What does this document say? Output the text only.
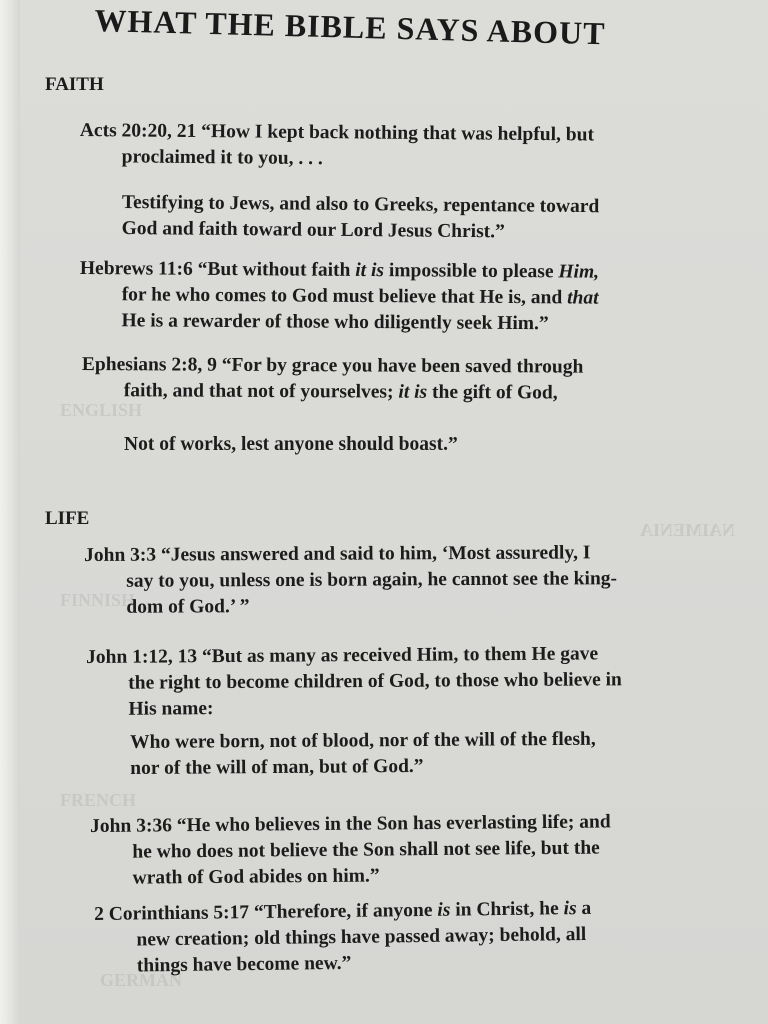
NAIMENIA
ENGLISH
FINNISH
FRENCH
GERMAN
WHAT THE BIBLE SAYS ABOUT
FAITH
Acts 20:20, 21 “How I kept back nothing that was helpful, but
proclaimed it to you, . . .
Testifying to Jews, and also to Greeks, repentance toward
God and faith toward our Lord Jesus Christ.”
Hebrews 11:6 “But without faith it is impossible to please Him,
for he who comes to God must believe that He is, and that
He is a rewarder of those who diligently seek Him.”
Ephesians 2:8, 9 “For by grace you have been saved through
faith, and that not of yourselves; it is the gift of God,
Not of works, lest anyone should boast.”
LIFE
John 3:3 “Jesus answered and said to him, ‘Most assuredly, I
say to you, unless one is born again, he cannot see the king-
dom of God.’ ”
John 1:12, 13 “But as many as received Him, to them He gave
the right to become children of God, to those who believe in
His name:
Who were born, not of blood, nor of the will of the flesh,
nor of the will of man, but of God.”
John 3:36 “He who believes in the Son has everlasting life; and
he who does not believe the Son shall not see life, but the
wrath of God abides on him.”
2 Corinthians 5:17 “Therefore, if anyone is in Christ, he is a
new creation; old things have passed away; behold, all
things have become new.”
